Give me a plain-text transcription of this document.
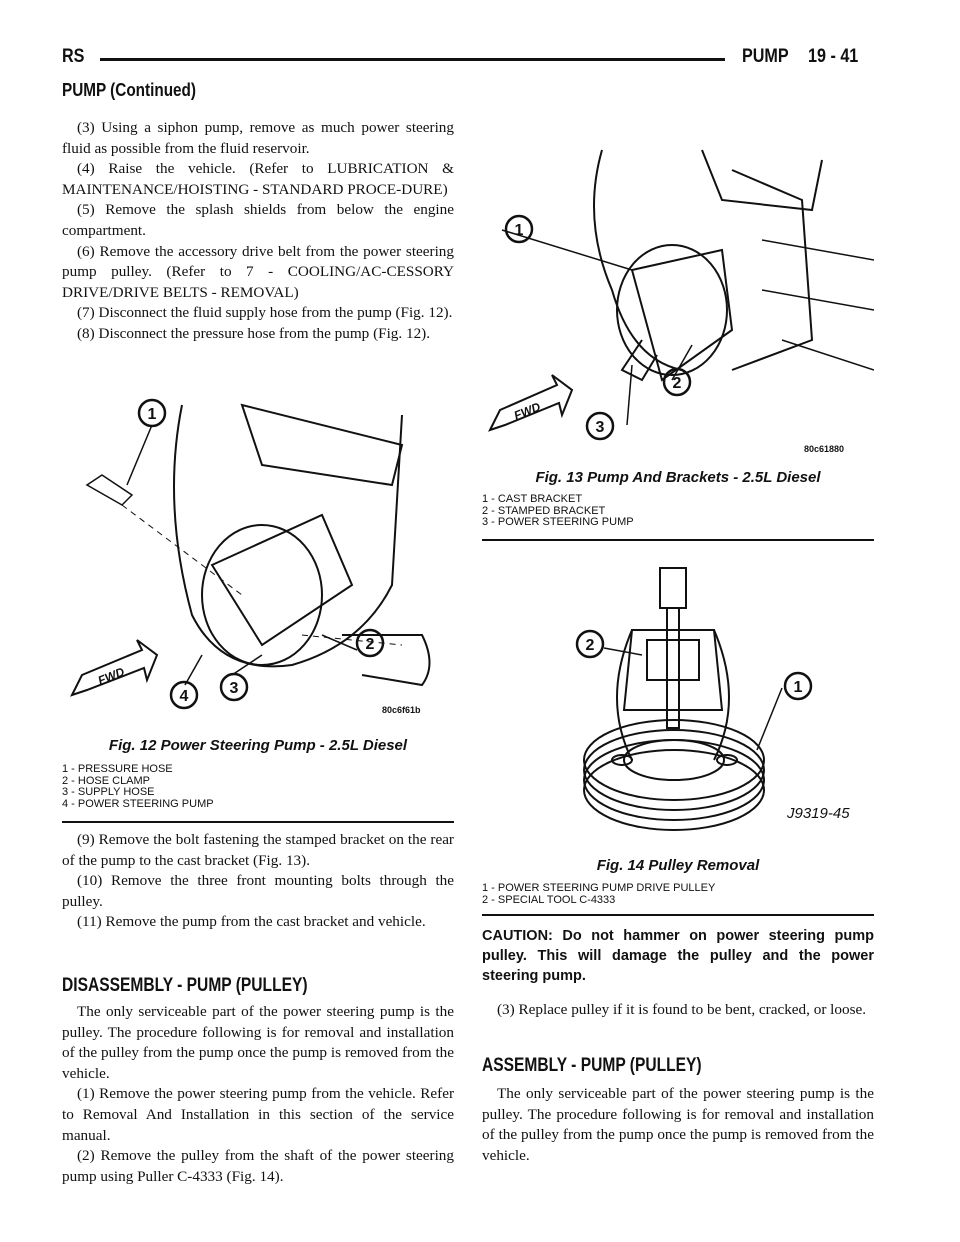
RS	PUMP 19 - 41
PUMP (Continued)

(3) Using a siphon pump, remove as much power steering fluid as possible from the fluid reservoir.

(4) Raise the vehicle. (Refer to LUBRICATION & MAINTENANCE/HOISTING - STANDARD PROCE-DURE)

(5) Remove the splash shields from below the engine compartment.

(6) Remove the accessory drive belt from the power steering pump pulley. (Refer to 7 - COOLING/AC-CESSORY DRIVE/DRIVE BELTS - REMOVAL)

(7) Disconnect the fluid supply hose from the pump (Fig. 12).

(8) Disconnect the pressure hose from the pump (Fig. 12).

1
2
3
4
FWD
80c6f61b
Fig. 12 Power Steering Pump - 2.5L Diesel
1 - PRESSURE HOSE
2 - HOSE CLAMP
3 - SUPPLY HOSE
4 - POWER STEERING PUMP

(9) Remove the bolt fastening the stamped bracket on the rear of the pump to the cast bracket (Fig. 13).

(10) Remove the three front mounting bolts through the pulley.

(11) Remove the pump from the cast bracket and vehicle.

DISASSEMBLY - PUMP (PULLEY)

The only serviceable part of the power steering pump is the pulley. The procedure following is for removal and installation of the pulley from the pump once the pump is removed from the vehicle.

(1) Remove the power steering pump from the vehicle. Refer to Removal And Installation in this section of the service manual.

(2) Remove the pulley from the shaft of the power steering pump using Puller C-4333 (Fig. 14).

1
2
3
FWD
80c61880
Fig. 13 Pump And Brackets - 2.5L Diesel
1 - CAST BRACKET
2 - STAMPED BRACKET
3 - POWER STEERING PUMP
1
2
J9319-45
Fig. 14 Pulley Removal
1 - POWER STEERING PUMP DRIVE PULLEY
2 - SPECIAL TOOL C-4333

CAUTION: Do not hammer on power steering pump pulley. This will damage the pulley and the power steering pump.

(3) Replace pulley if it is found to be bent, cracked, or loose.

ASSEMBLY - PUMP (PULLEY)

The only serviceable part of the power steering pump is the pulley. The procedure following is for removal and installation of the pulley from the pump once the pump is removed from the vehicle.
